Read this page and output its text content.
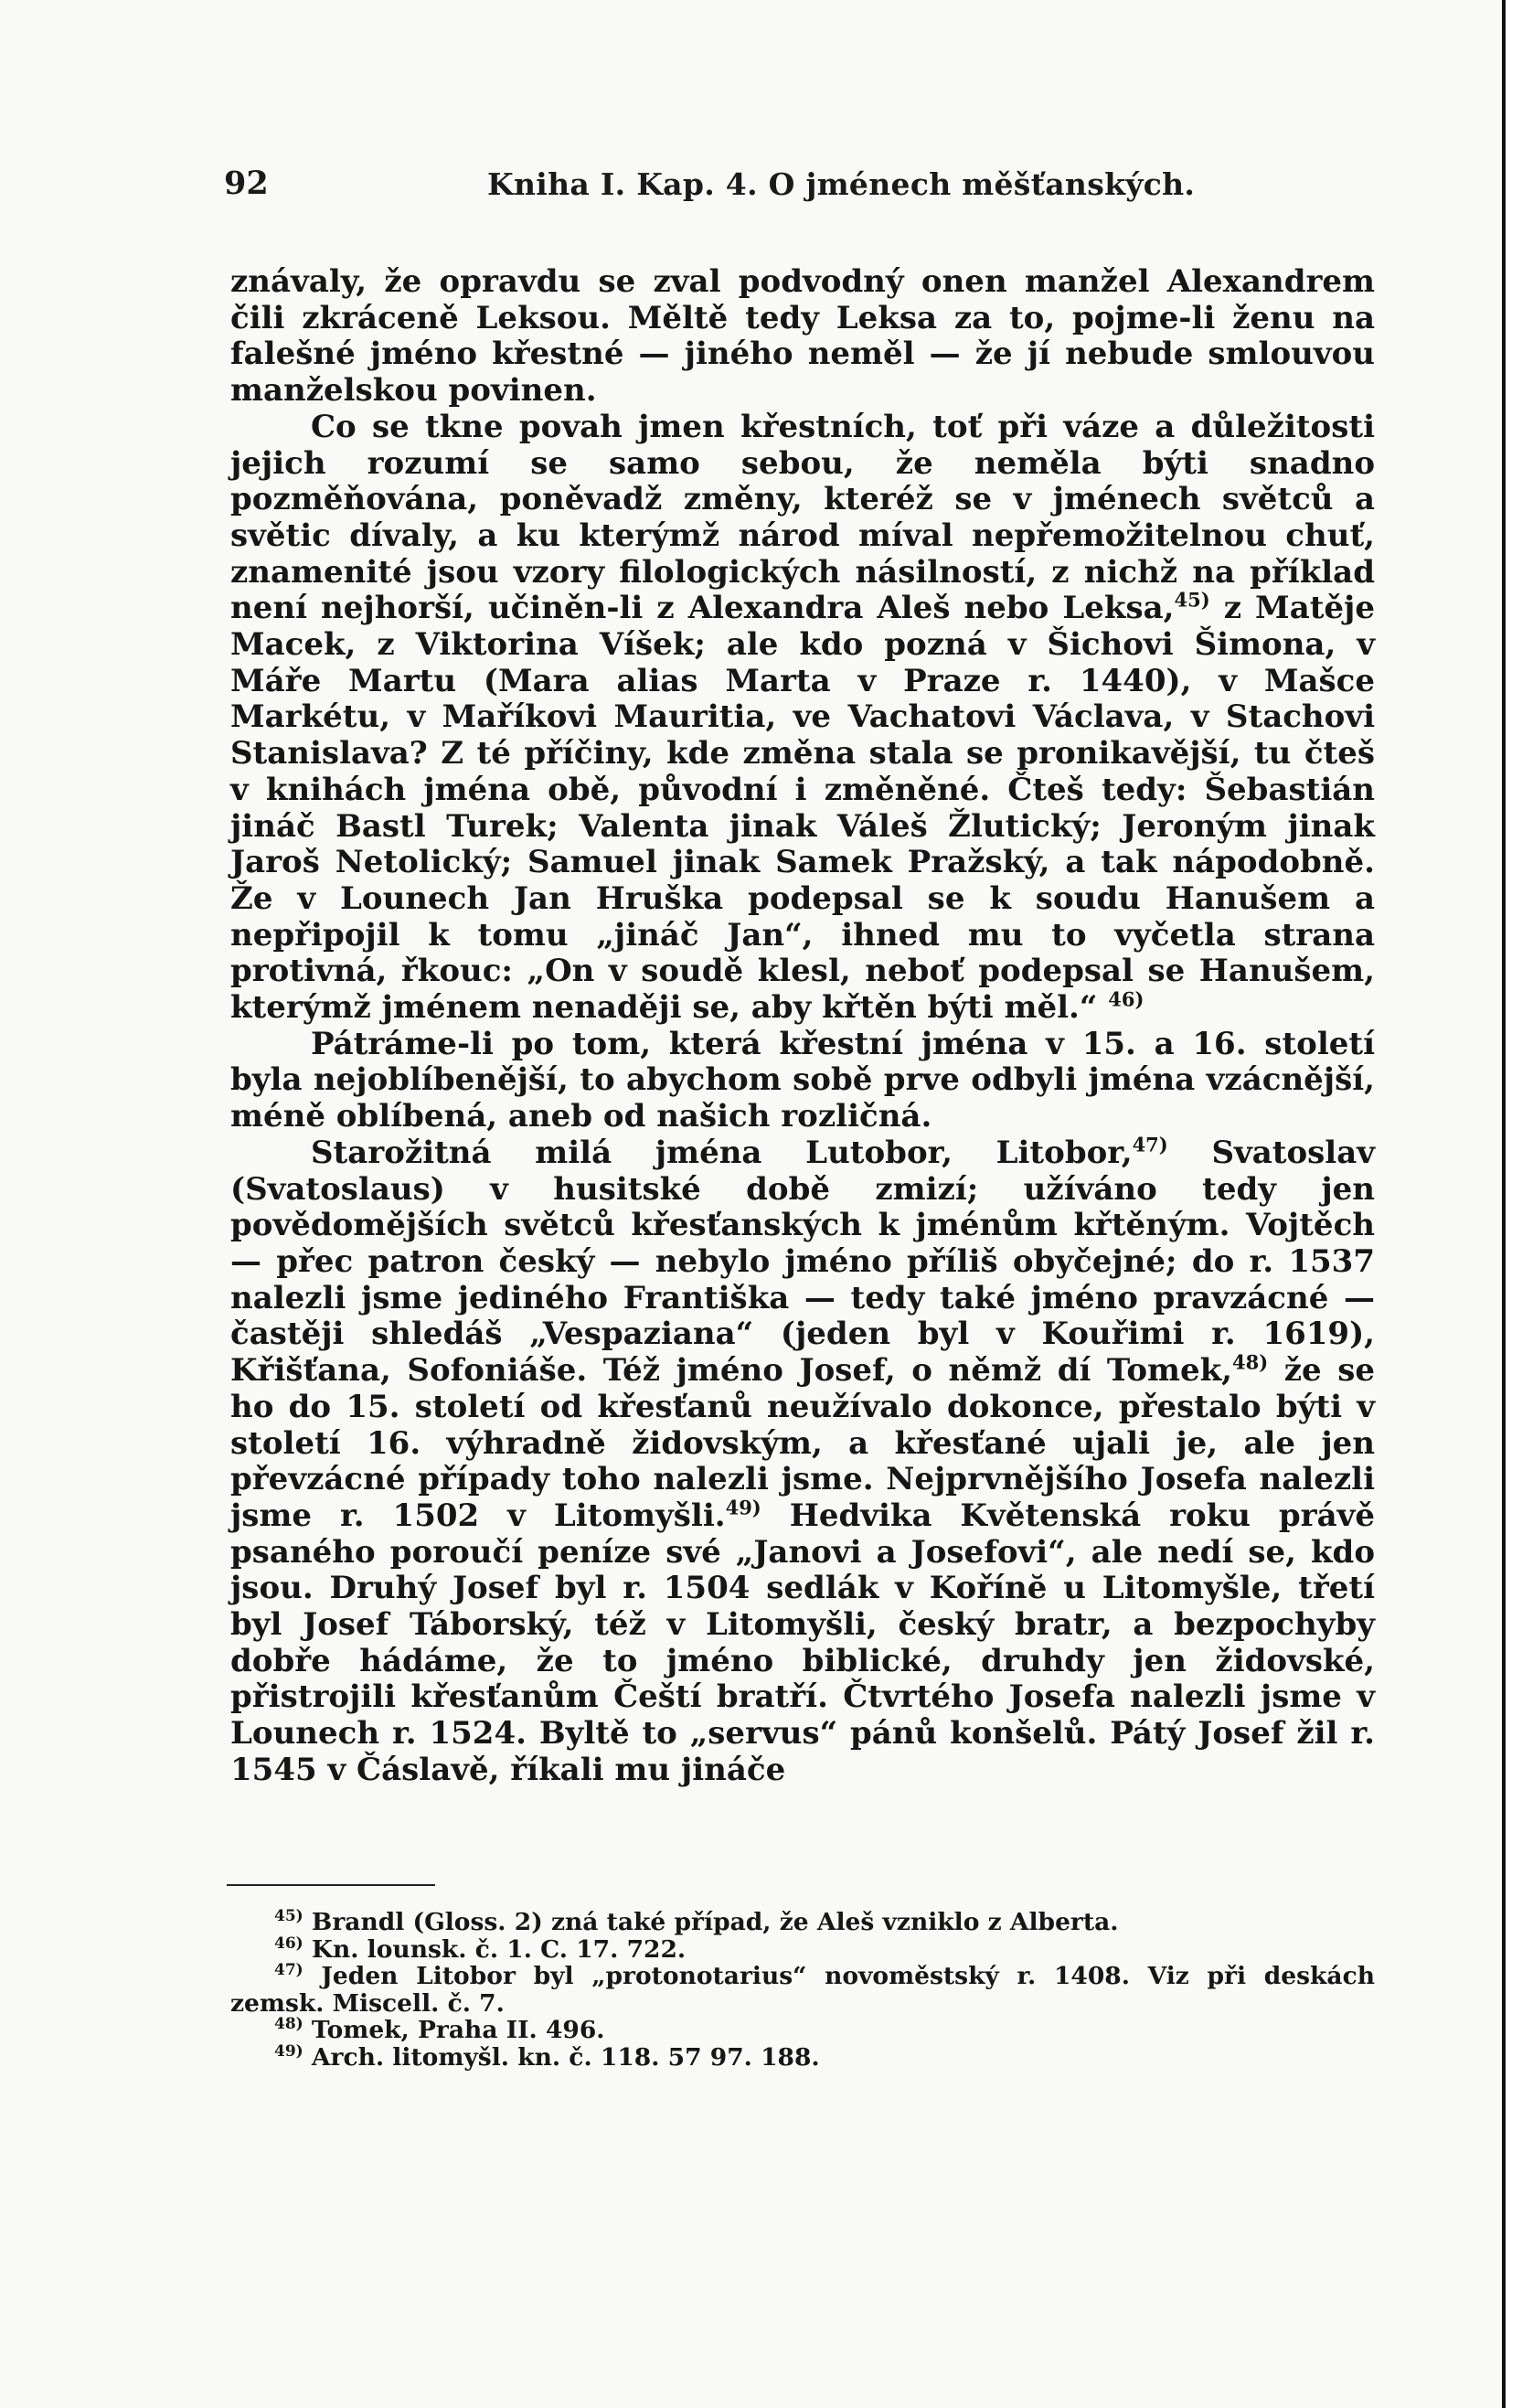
92	Kniha I. Kap. 4. O jménech měšťanských.

znávaly, že opravdu se zval podvodný onen manžel Alexandrem čili zkráceně Leksou. Měltě tedy Leksa za to, pojme-li ženu na falešné jméno křestné — jiného neměl — že jí nebude smlouvou manželskou povinen.

Co se tkne povah jmen křestních, toť při váze a důležitosti jejich rozumí se samo sebou, že neměla býti snadno pozměňována, poněvadž změny, kteréž se v jménech světců a světic dívaly, a ku kterýmž národ míval nepřemožitelnou chuť, znamenité jsou vzory filologických násilností, z nichž na příklad není nejhorší, učiněn-li z Alexandra Aleš nebo Leksa,$^{45)}$ z Matěje Macek, z Viktorina Víšek; ale kdo pozná v Šichovi Šimona, v Máře Martu (Mara alias Marta v Praze r. 1440), v Mašce Markétu, v Maříkovi Mauritia, ve Vachatovi Václava, v Stachovi Stanislava? Z té příčiny, kde změna stala se pronikavější, tu čteš v knihách jména obě, původní i změněné. Čteš tedy: Šebastián jináč Bastl Turek; Valenta jinak Váleš Žlutický; Jeroným jinak Jaroš Netolický; Samuel jinak Samek Pražský, a tak nápodobně. Že v Lounech Jan Hruška podepsal se k soudu Hanušem a nepřipojil k tomu „jináč Jan“, ihned mu to vyčetla strana protivná, řkouc: „On v soudě klesl, neboť podepsal se Hanušem, kterýmž jménem nenaději se, aby křtěn býti měl.“ $^{46)}$

Pátráme-li po tom, která křestní jména v 15. a 16. století byla nejoblíbenější, to abychom sobě prve odbyli jména vzácnější, méně oblíbená, aneb od našich rozličná.

Starožitná milá jména Lutobor, Litobor,$^{47)}$ Svatoslav (Svatoslaus) v husitské době zmizí; užíváno tedy jen povědomějších světců křesťanských k jménům křtěným. Vojtěch — přec patron český — nebylo jméno příliš obyčejné; do r. 1537 nalezli jsme jediného Františka — tedy také jméno pravzácné — častěji shledáš „Vespaziana“ (jeden byl v Kouřimi r. 1619), Křišťana, Sofoniáše. Též jméno Josef, o němž dí Tomek,$^{48)}$ že se ho do 15. století od křesťanů neužívalo dokonce, přestalo býti v století 16. výhradně židovským, a křesťané ujali je, ale jen převzácné případy toho nalezli jsme. Nejprvnějšího Josefa nalezli jsme r. 1502 v Litomyšli.$^{49)}$ Hedvika Květenská roku právě psaného poroučí peníze své „Janovi a Josefovi“, ale nedí se, kdo jsou. Druhý Josef byl r. 1504 sedlák v Kořínĕ u Litomyšle, třetí byl Josef Táborský, též v Litomyšli, český bratr, a bezpochyby dobře hádáme, že to jméno biblické, druhdy jen židovské, přistrojili křesťanům Čeští bratří. Čtvrtého Josefa nalezli jsme v Lounech r. 1524. Byltě to „servus“ pánů konšelů. Pátý Josef žil r. 1545 v Čáslavě, říkali mu jináče

$^{45)}$ Brandl (Gloss. 2) zná také případ, že Aleš vzniklo z Alberta.

$^{46)}$ Kn. lounsk. č. 1. C. 17. 722.

$^{47)}$ Jeden Litobor byl „protonotarius“ novoměstský r. 1408. Viz při deskách zemsk. Miscell. č. 7.

$^{48)}$ Tomek, Praha II. 496.

$^{49)}$ Arch. litomyšl. kn. č. 118. 57 97. 188.
